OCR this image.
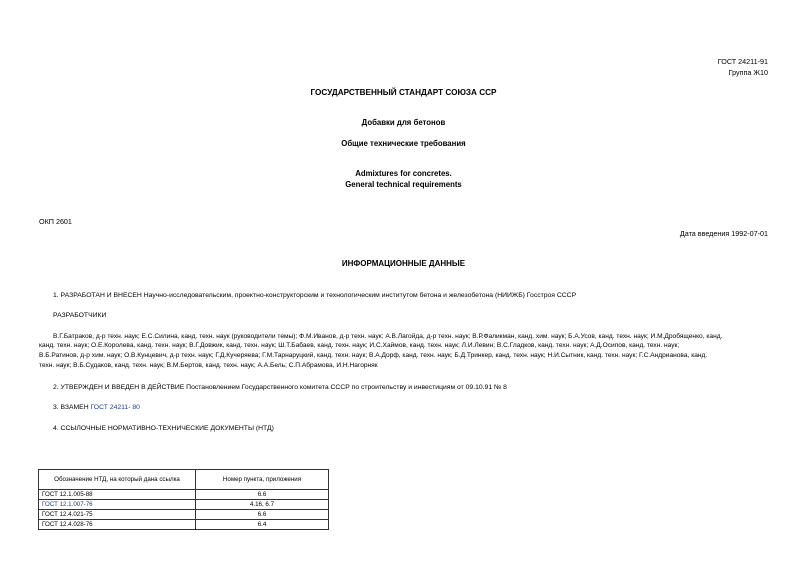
ГОСТ 24211-91
Группа Ж10
ГОСУДАРСТВЕННЫЙ СТАНДАРТ СОЮЗА ССР
Добавки для бетонов
Общие технические требования
Admixtures for concretes.
General technical requirements
ОКП 2601
Дата введения 1992-07-01
ИНФОРМАЦИОННЫЕ ДАННЫЕ
1. РАЗРАБОТАН И ВНЕСЕН Научно-исследовательским, проектно-конструкторским и технологическим институтом бетона и железобетона (НИИЖБ) Госстроя СССР
РАЗРАБОТЧИКИ
В.Г.Батраков, д-р техн. наук; Е.С.Силина, канд. техн. наук (руководители темы); Ф.М.Иванов, д-р техн. наук; А.В.Лагойда, д-р техн. наук; В.Р.Фаликман, канд. хим. наук; Б.А.Усов, канд. техн. наук; И.М.Дробященко, канд.
канд. техн. наук; О.Е.Королева, канд. техн. наук; В.Г.Довжик, канд. техн. наук; Ш.Т.Бабаев, канд. техн. наук; И.С.Хаймов, канд. техн. наук; Л.И.Левин; В.С.Гладков, канд. техн. наук; А.Д.Осипов, канд. техн. наук;
В.Б.Ратинов, д-р хим. наук; О.В.Кунцевич, д-р техн. наук; Г.Д.Кучеряева; Г.М.Тарнаруцкий, канд. техн. наук; В.А.Дорф, канд. техн. наук; Б.Д.Тринкер, канд. техн. наук; Н.И.Сытник, канд. техн. наук; Г.С.Андрианова, канд.
техн. наук; В.Б.Судаков, канд. техн. наук; В.М.Бертов, канд. техн. наук; А.А.Бель; С.П.Абрамова, И.Н.Нагорняк
2. УТВЕРЖДЕН И ВВЕДЕН В ДЕЙСТВИЕ Постановлением Государственного комитета СССР по строительству и инвестициям от 09.10.91 № 8
3. ВЗАМЕН ГОСТ 24211- 80
4. ССЫЛОЧНЫЕ НОРМАТИВНО-ТЕХНИЧЕСКИЕ ДОКУМЕНТЫ (НТД)
Обозначение НТД, на который дана ссылка	Номер пункта, приложения
ГОСТ 12.1.005-88	6.6
ГОСТ 12.1.007-76	4.16, 6.7
ГОСТ 12.4.021-75	6.6
ГОСТ 12.4.028-76	6.4
